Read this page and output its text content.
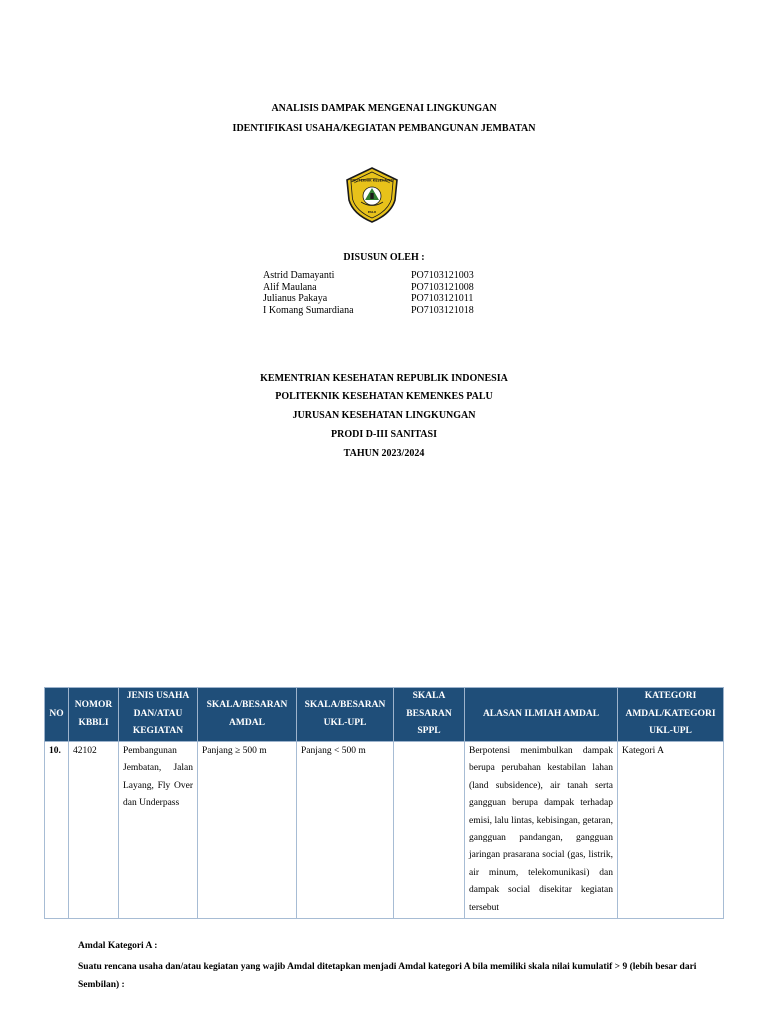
ANALISIS DAMPAK MENGENAI LINGKUNGAN
IDENTIFIKASI USAHA/KEGIATAN PEMBANGUNAN JEMBATAN
POLITEKNIK KESEHATAN
PALU
DISUSUN OLEH :
Astrid Damayanti	PO7103121003
Alif Maulana	PO7103121008
Julianus Pakaya	PO7103121011
I Komang Sumardiana	PO7103121018
KEMENTRIAN KESEHATAN REPUBLIK INDONESIA
POLITEKNIK KESEHATAN KEMENKES PALU
JURUSAN KESEHATAN LINGKUNGAN
PRODI D-III SANITASI
TAHUN 2023/2024
NO	NOMOR KBBLI	JENIS USAHA DAN/ATAU KEGIATAN	SKALA/BESARAN AMDAL	SKALA/BESARAN UKL-UPL	SKALA BESARAN SPPL	ALASAN ILMIAH AMDAL	KATEGORI AMDAL/KATEGORI UKL-UPL
10.	42102	Pembangunan Jembatan, Jalan Layang, Fly Over dan Underpass	Panjang ≥ 500 m	Panjang < 500 m		Berpotensi menimbulkan dampak berupa perubahan kestabilan lahan (land subsidence), air tanah serta gangguan berupa dampak terhadap emisi, lalu lintas, kebisingan, getaran, gangguan pandangan, gangguan jaringan prasarana social (gas, listrik, air minum, telekomunikasi) dan dampak social disekitar kegiatan tersebut	Kategori A
Amdal Kategori A :
Suatu rencana usaha dan/atau kegiatan yang wajib Amdal ditetapkan menjadi Amdal kategori A bila memiliki skala nilai kumulatif > 9 (lebih besar dari Sembilan) :
